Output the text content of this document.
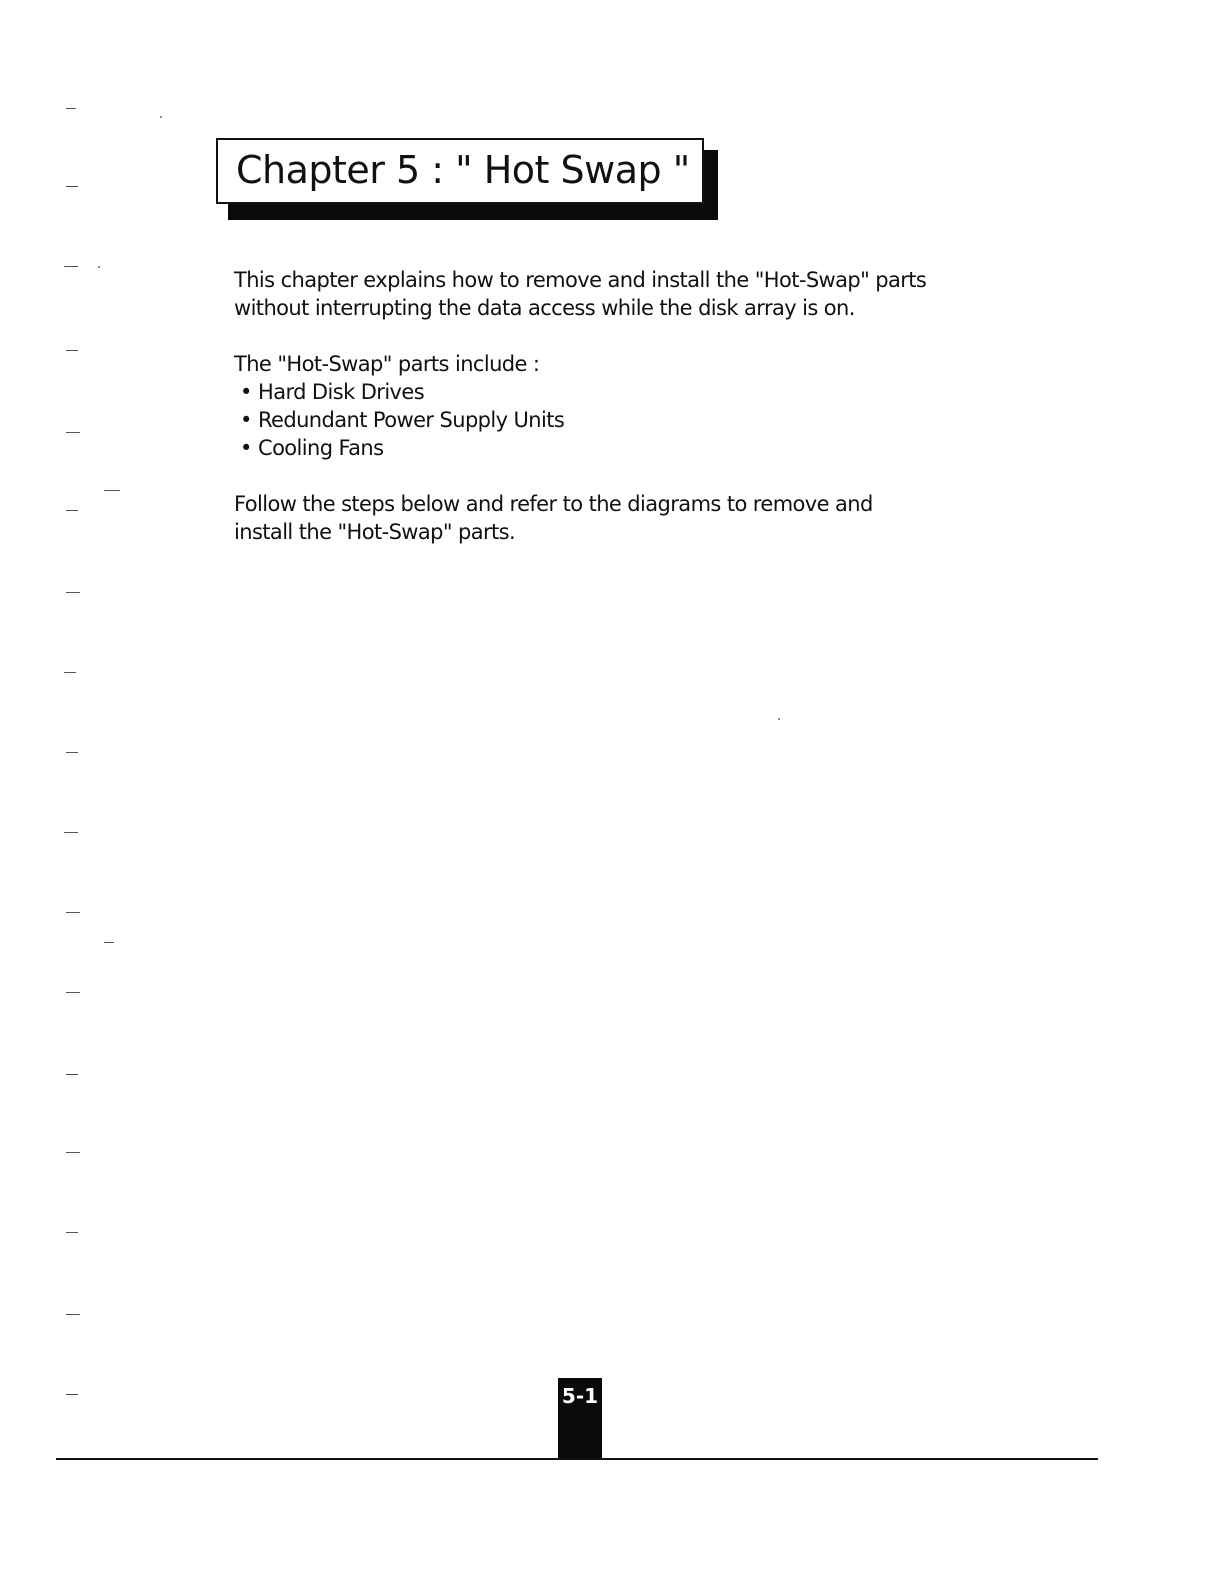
Chapter 5 : " Hot Swap "

This chapter explains how to remove and install the "Hot-Swap" parts
without interrupting the data access while the disk array is on.

The "Hot-Swap" parts include :

• Hard Disk Drives
• Redundant Power Supply Units
• Cooling Fans

Follow the steps below and refer to the diagrams to remove and
install the "Hot-Swap" parts.

5-1
